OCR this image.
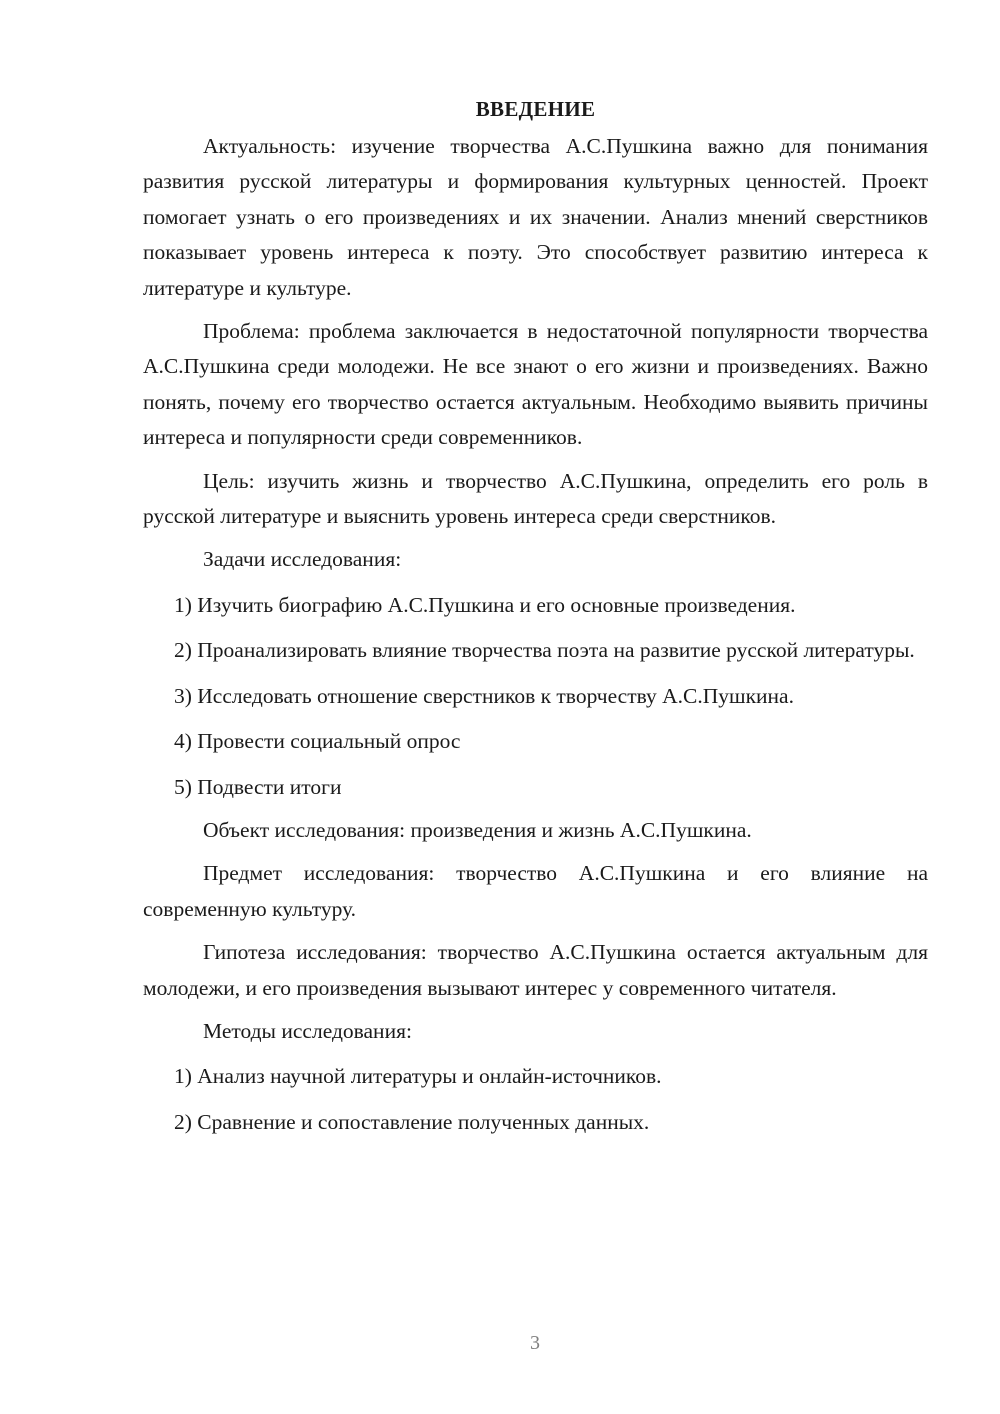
ВВЕДЕНИЕ

Актуальность: изучение творчества А.С.Пушкина важно для понимания развития русской литературы и формирования культурных ценностей. Проект помогает узнать о его произведениях и их значении. Анализ мнений сверстников показывает уровень интереса к поэту. Это способствует развитию интереса к литературе и культуре.

Проблема: проблема заключается в недостаточной популярности творчества А.С.Пушкина среди молодежи. Не все знают о его жизни и произведениях. Важно понять, почему его творчество остается актуальным. Необходимо выявить причины интереса и популярности среди современников.

Цель: изучить жизнь и творчество А.С.Пушкина, определить его роль в русской литературе и выяснить уровень интереса среди сверстников.

Задачи исследования:

1) Изучить биографию А.С.Пушкина и его основные произведения.

2) Проанализировать влияние творчества поэта на развитие русской литературы.

3) Исследовать отношение сверстников к творчеству А.С.Пушкина.

4) Провести социальный опрос

5) Подвести итоги

Объект исследования: произведения и жизнь А.С.Пушкина.

Предмет исследования: творчество А.С.Пушкина и его влияние на современную культуру.

Гипотеза исследования: творчество А.С.Пушкина остается актуальным для молодежи, и его произведения вызывают интерес у современного читателя.

Методы исследования:

1) Анализ научной литературы и онлайн-источников.

2) Сравнение и сопоставление полученных данных.

3
